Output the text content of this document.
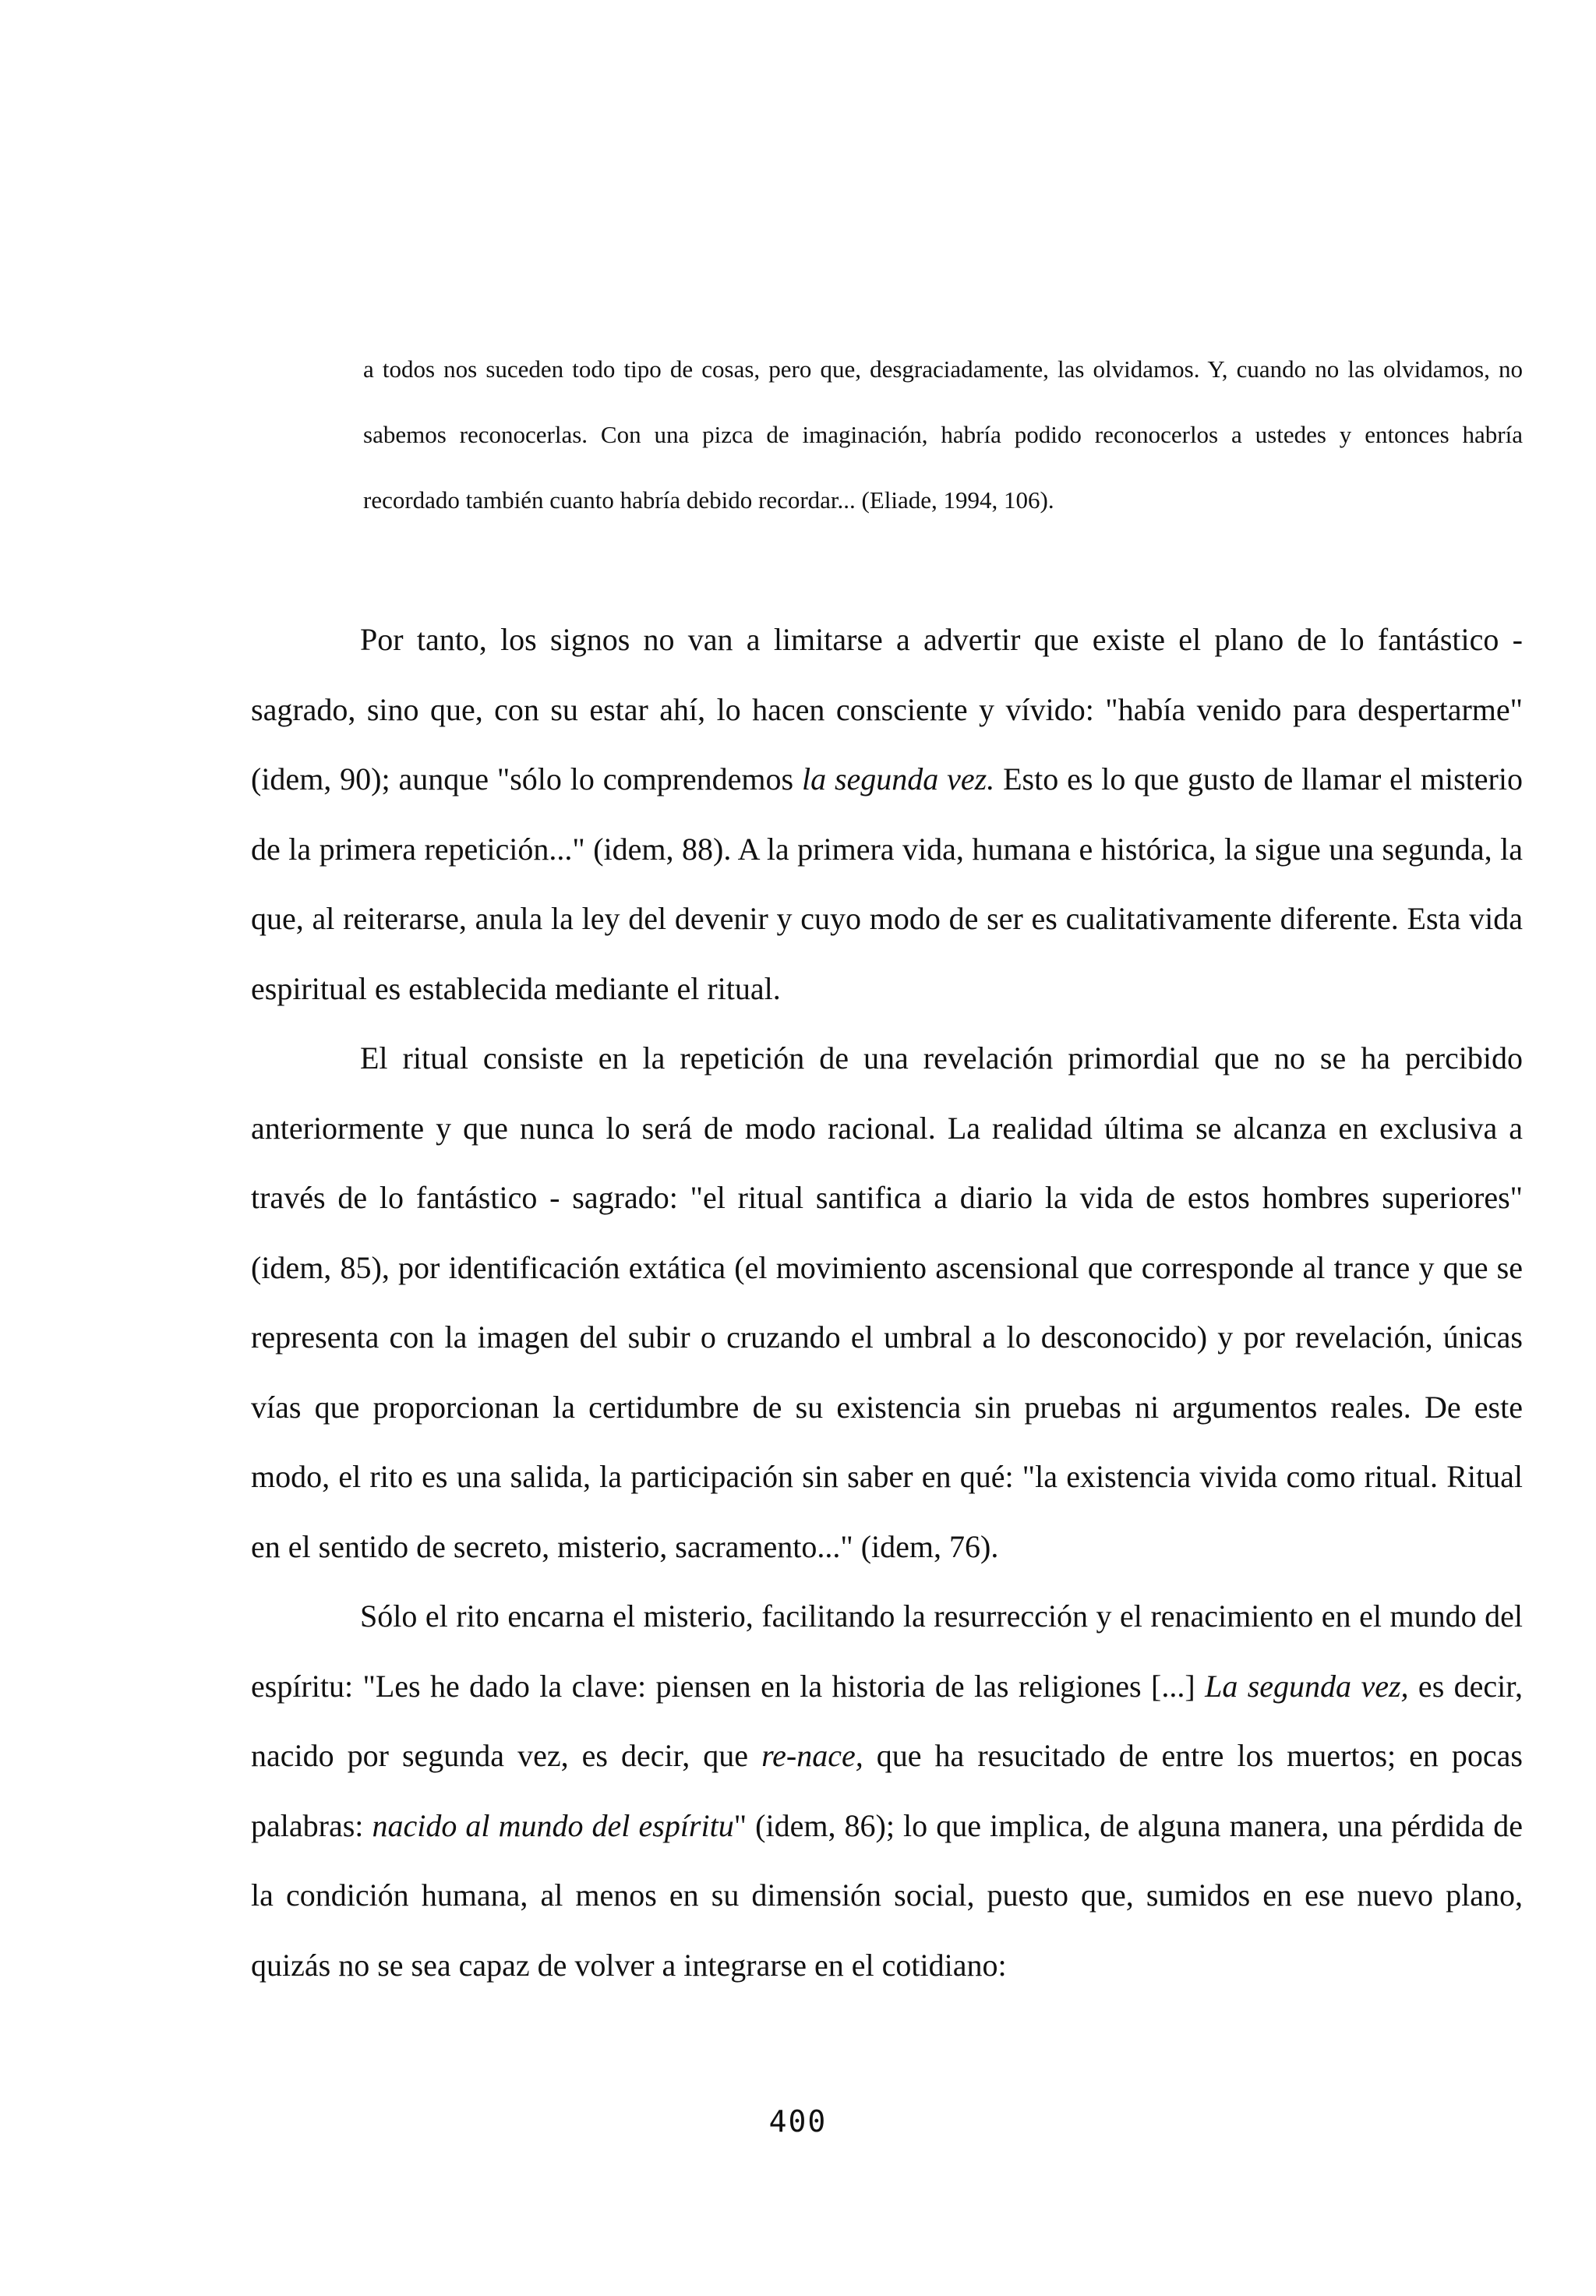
a todos nos suceden todo tipo de cosas, pero que, desgraciadamente, las olvidamos. Y, cuando no las olvidamos, no sabemos reconocerlas. Con una pizca de imaginación, habría podido reconocerlos a ustedes y entonces habría recordado también cuanto habría debido recordar... (Eliade, 1994, 106).

Por tanto, los signos no van a limitarse a advertir que existe el plano de lo fantástico - sagrado, sino que, con su estar ahí, lo hacen consciente y vívido: "había venido para despertarme" (idem, 90); aunque "sólo lo comprendemos la segunda vez. Esto es lo que gusto de llamar el misterio de la primera repetición..." (idem, 88). A la primera vida, humana e histórica, la sigue una segunda, la que, al reiterarse, anula la ley del devenir y cuyo modo de ser es cualitativamente diferente. Esta vida espiritual es establecida mediante el ritual.

El ritual consiste en la repetición de una revelación primordial que no se ha percibido anteriormente y que nunca lo será de modo racional. La realidad última se alcanza en exclusiva a través de lo fantástico - sagrado: "el ritual santifica a diario la vida de estos hombres superiores" (idem, 85), por identificación extática (el movimiento ascensional que corresponde al trance y que se representa con la imagen del subir o cruzando el umbral a lo desconocido) y por revelación, únicas vías que proporcionan la certidumbre de su existencia sin pruebas ni argumentos reales. De este modo, el rito es una salida, la participación sin saber en qué: "la existencia vivida como ritual. Ritual en el sentido de secreto, misterio, sacramento..." (idem, 76).

Sólo el rito encarna el misterio, facilitando la resurrección y el renacimiento en el mundo del espíritu: "Les he dado la clave: piensen en la historia de las religiones [...] La segunda vez, es decir, nacido por segunda vez, es decir, que re-nace, que ha resucitado de entre los muertos; en pocas palabras: nacido al mundo del espíritu" (idem, 86); lo que implica, de alguna manera, una pérdida de la condición humana, al menos en su dimensión social, puesto que, sumidos en ese nuevo plano, quizás no se sea capaz de volver a integrarse en el cotidiano:

400
